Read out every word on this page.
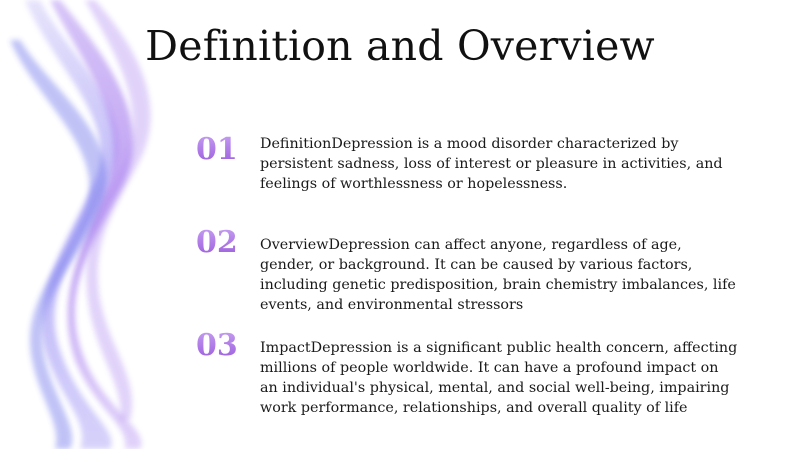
Definition and Overview
01	DefinitionDepression is a mood disorder characterized by persistent sadness, loss of interest or pleasure in activities, and feelings of worthlessness or hopelessness.
02	OverviewDepression can affect anyone, regardless of age, gender, or background. It can be caused by various factors, including genetic predisposition, brain chemistry imbalances, life events, and environmental stressors
03	ImpactDepression is a significant public health concern, affecting millions of people worldwide. It can have a profound impact on an individual's physical, mental, and social well-being, impairing work performance, relationships, and overall quality of life
